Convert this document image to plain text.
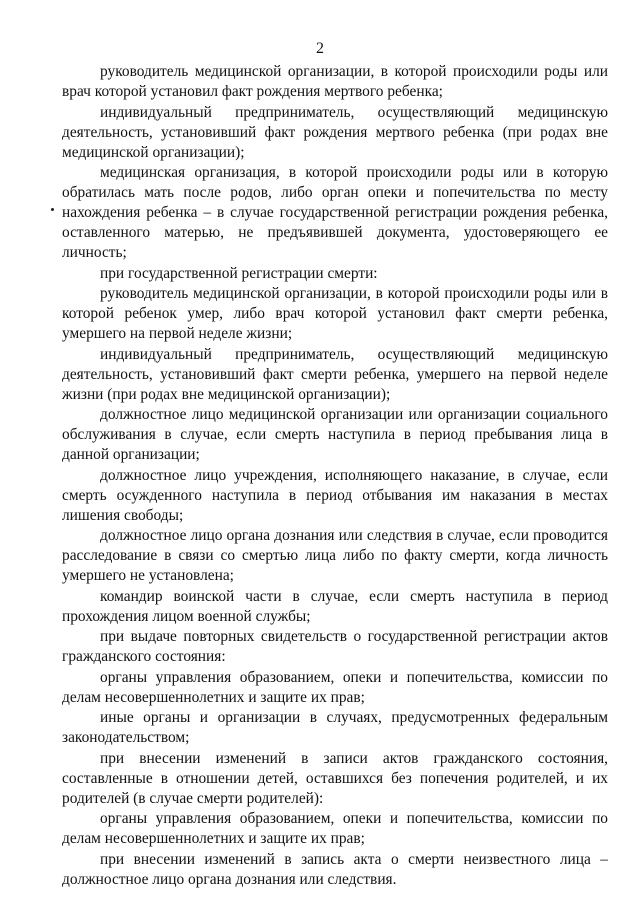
2

руководитель медицинской организации, в которой происходили роды или врач которой установил факт рождения мертвого ребенка;

индивидуальный предприниматель, осуществляющий медицинскую деятельность, установивший факт рождения мертвого ребенка (при родах вне медицинской организации);

медицинская организация, в которой происходили роды или в которую обратилась мать после родов, либо орган опеки и попечительства по месту нахождения ребенка – в случае государственной регистрации рождения ребенка, оставленного матерью, не предъявившей документа, удостоверяющего ее личность;

при государственной регистрации смерти:

руководитель медицинской организации, в которой происходили роды или в которой ребенок умер, либо врач которой установил факт смерти ребенка, умершего на первой неделе жизни;

индивидуальный предприниматель, осуществляющий медицинскую деятельность, установивший факт смерти ребенка, умершего на первой неделе жизни (при родах вне медицинской организации);

должностное лицо медицинской организации или организации социального обслуживания в случае, если смерть наступила в период пребывания лица в данной организации;

должностное лицо учреждения, исполняющего наказание, в случае, если смерть осужденного наступила в период отбывания им наказания в местах лишения свободы;

должностное лицо органа дознания или следствия в случае, если проводится расследование в связи со смертью лица либо по факту смерти, когда личность умершего не установлена;

командир воинской части в случае, если смерть наступила в период прохождения лицом военной службы;

при выдаче повторных свидетельств о государственной регистрации актов гражданского состояния:

органы управления образованием, опеки и попечительства, комиссии по делам несовершеннолетних и защите их прав;

иные органы и организации в случаях, предусмотренных федеральным законодательством;

при внесении изменений в записи актов гражданского состояния, составленные в отношении детей, оставшихся без попечения родителей, и их родителей (в случае смерти родителей):

органы управления образованием, опеки и попечительства, комиссии по делам несовершеннолетних и защите их прав;

при внесении изменений в запись акта о смерти неизвестного лица – должностное лицо органа дознания или следствия.
